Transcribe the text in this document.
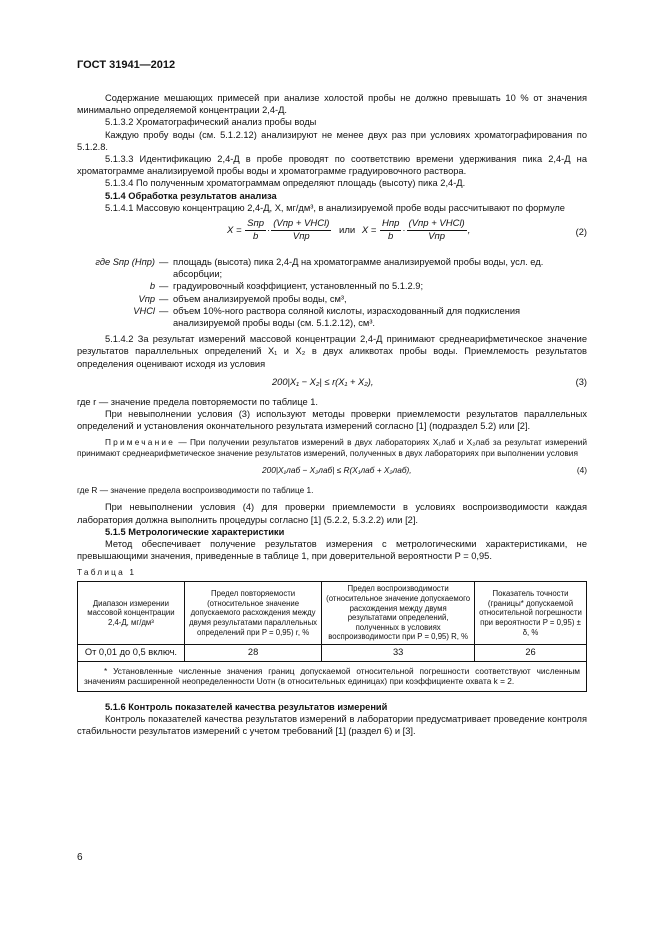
ГОСТ 31941—2012

Содержание мешающих примесей при анализе холостой пробы не должно превышать 10 % от значения минимально определяемой концентрации 2,4-Д.

5.1.3.2 Хроматографический анализ пробы воды

Каждую пробу воды (см. 5.1.2.12) анализируют не менее двух раз при условиях хроматографирования по 5.1.2.8.

5.1.3.3 Идентификацию 2,4-Д в пробе проводят по соответствию времени удерживания пика 2,4-Д на хроматограмме анализируемой пробы воды и хроматограмме градуировочного раствора.

5.1.3.4 По полученным хроматограммам определяют площадь (высоту) пика 2,4-Д.

5.1.4 Обработка результатов анализа

5.1.4.1 Массовую концентрацию 2,4-Д, X, мг/дм³, в анализируемой пробе воды рассчитывают по формуле

$X = \frac{\text{Sпр}}{b} \cdot \frac{\text{(Vпр + VHCl)}}{\text{Vпр}}$ или $X = \frac{\text{Hпр}}{b} \cdot \frac{\text{(Vпр + VHCl)}}{\text{Vпр}}$ ,	(2)
где Sпр (Hпр) — площадь (высота) пика 2,4-Д на хроматограмме анализируемой пробы воды, усл. ед. абсорбции;
b — градуировочный коэффициент, установленный по 5.1.2.9;
Vпр — объем анализируемой пробы воды, см³,
VHCl — объем 10%-ного раствора соляной кислоты, израсходованный для подкисления анализируемой пробы воды (см. 5.1.2.12), см³.

5.1.4.2 За результат измерений массовой концентрации 2,4-Д принимают среднеарифметическое значение результатов параллельных определений X₁ и X₂ в двух аликвотах пробы воды. Приемлемость результатов определения оценивают исходя из условия

200|X₁ − X₂| ≤ r(X₁ + X₂),	(3)

где r — значение предела повторяемости по таблице 1.

При невыполнении условия (3) используют методы проверки приемлемости результатов параллельных определений и установления окончательного результата измерений согласно [1] (подраздел 5.2) или [2].

Примечание — При получении результатов измерений в двух лабораториях X₁лаб и X₂лаб за результат измерений принимают среднеарифметическое значение результатов измерений, полученных в двух лабораториях при выполнении условия

200|X₁лаб − X₂лаб| ≤ R(X₁лаб + X₂лаб),	(4)

где R — значение предела воспроизводимости по таблице 1.

При невыполнении условия (4) для проверки приемлемости в условиях воспроизводимости каждая лаборатория должна выполнить процедуры согласно [1] (5.2.2, 5.3.2.2) или [2].

5.1.5 Метрологические характеристики

Метод обеспечивает получение результатов измерения с метрологическими характеристиками, не превышающими значения, приведенные в таблице 1, при доверительной вероятности P = 0,95.

Таблица 1

Диапазон измерении массовой концентрации 2,4-Д, мг/дм³	Предел повторяемости (относительное значение допускаемого расхождения между двумя результатами параллельных определений при P = 0,95) r, %	Предел воспроизводимости (относительное значение допускаемого расхождения между двумя результатами определений, полученных в условиях воспроизводимости при P = 0,95) R, %	Показатель точности (границы* допускаемой относительной погрешности при вероятности P = 0,95) ± δ, %
От 0,01 до 0,5 включ.	28	33	26
* Установленные численные значения границ допускаемой относительной погрешности соответствуют численным значениям расширенной неопределенности Uотн (в относительных единицах) при коэффициенте охвата k = 2.			

5.1.6 Контроль показателей качества результатов измерений

Контроль показателей качества результатов измерений в лаборатории предусматривает проведение контроля стабильности результатов измерений с учетом требований [1] (раздел 6) и [3].

6
